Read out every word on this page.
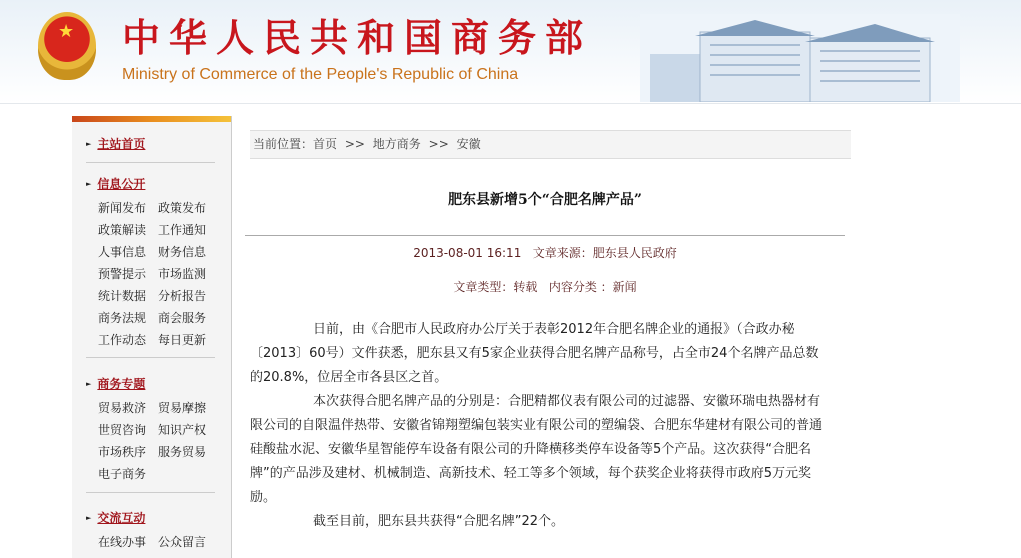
★ 中华人民共和国商务部
Ministry of Commerce of the People's Republic of China
► 主站首页
► 信息公开
► 商务专题
► 交流互动
新闻发布 政策发布
政策解读 工作通知
人事信息 财务信息
预警提示 市场监测
统计数据 分析报告
商务法规 商会服务
工作动态 每日更新
贸易救济 贸易摩擦
世贸咨询 知识产权
市场秩序 服务贸易
电子商务
在线办事 公众留言
当前位置：首页 >> 地方商务 >> 安徽
肥东县新增5个“合肥名牌产品”
2013-08-01 16:11 文章来源：肥东县人民政府
文章类型：转载 内容分类 ：新闻

日前，由《合肥市人民政府办公厅关于表彰2012年合肥名牌企业的通报》（合政办秘〔2013〕60号）文件获悉，肥东县又有5家企业获得合肥名牌产品称号，占全市24个名牌产品总数的20.8%，位居全市各县区之首。

本次获得合肥名牌产品的分别是：合肥精都仪表有限公司的过滤器、安徽环瑞电热器材有限公司的自限温伴热带、安徽省锦翔塑编包装实业有限公司的塑编袋、合肥东华建材有限公司的普通硅酸盐水泥、安徽华星智能停车设备有限公司的升降横移类停车设备等5个产品。这次获得“合肥名牌”的产品涉及建材、机械制造、高新技术、轻工等多个领域，每个获奖企业将获得市政府5万元奖励。

截至目前，肥东县共获得“合肥名牌”22个。
